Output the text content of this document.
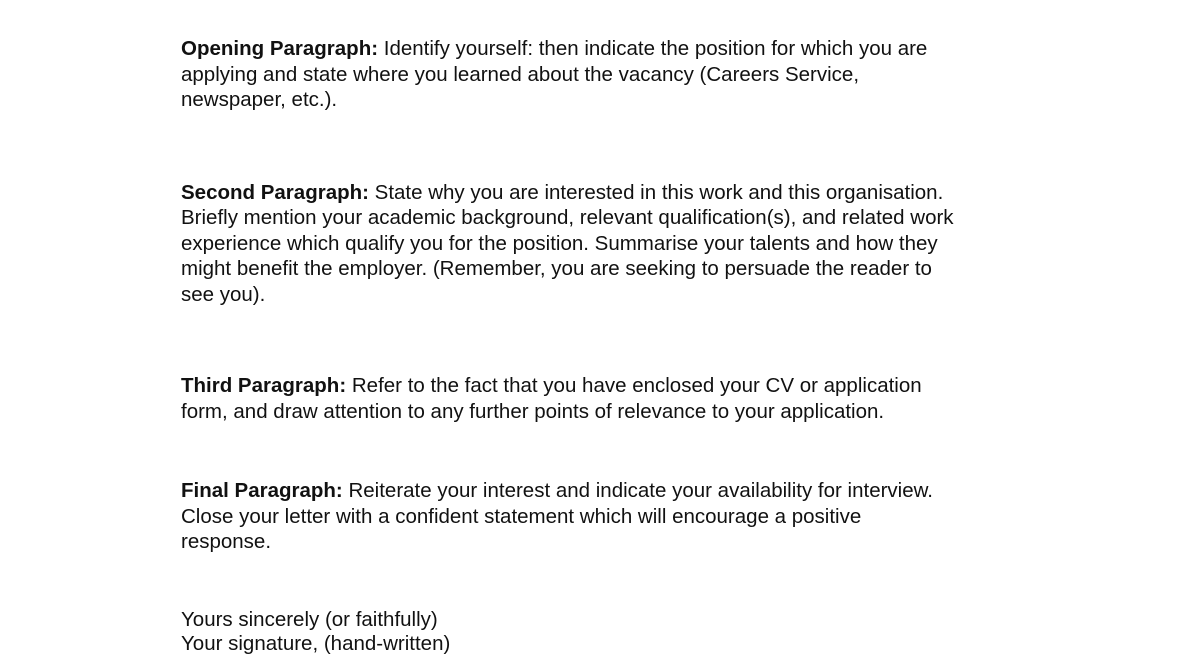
Opening Paragraph: Identify yourself: then indicate the position for which you are
applying and state where you learned about the vacancy (Careers Service,
newspaper, etc.).

Second Paragraph: State why you are interested in this work and this organisation.
Briefly mention your academic background, relevant qualification(s), and related work
experience which qualify you for the position. Summarise your talents and how they
might benefit the employer. (Remember, you are seeking to persuade the reader to
see you).

Third Paragraph: Refer to the fact that you have enclosed your CV or application
form, and draw attention to any further points of relevance to your application.

Final Paragraph: Reiterate your interest and indicate your availability for interview.
Close your letter with a confident statement which will encourage a positive
response.

Yours sincerely (or faithfully)

Your signature, (hand-written)
